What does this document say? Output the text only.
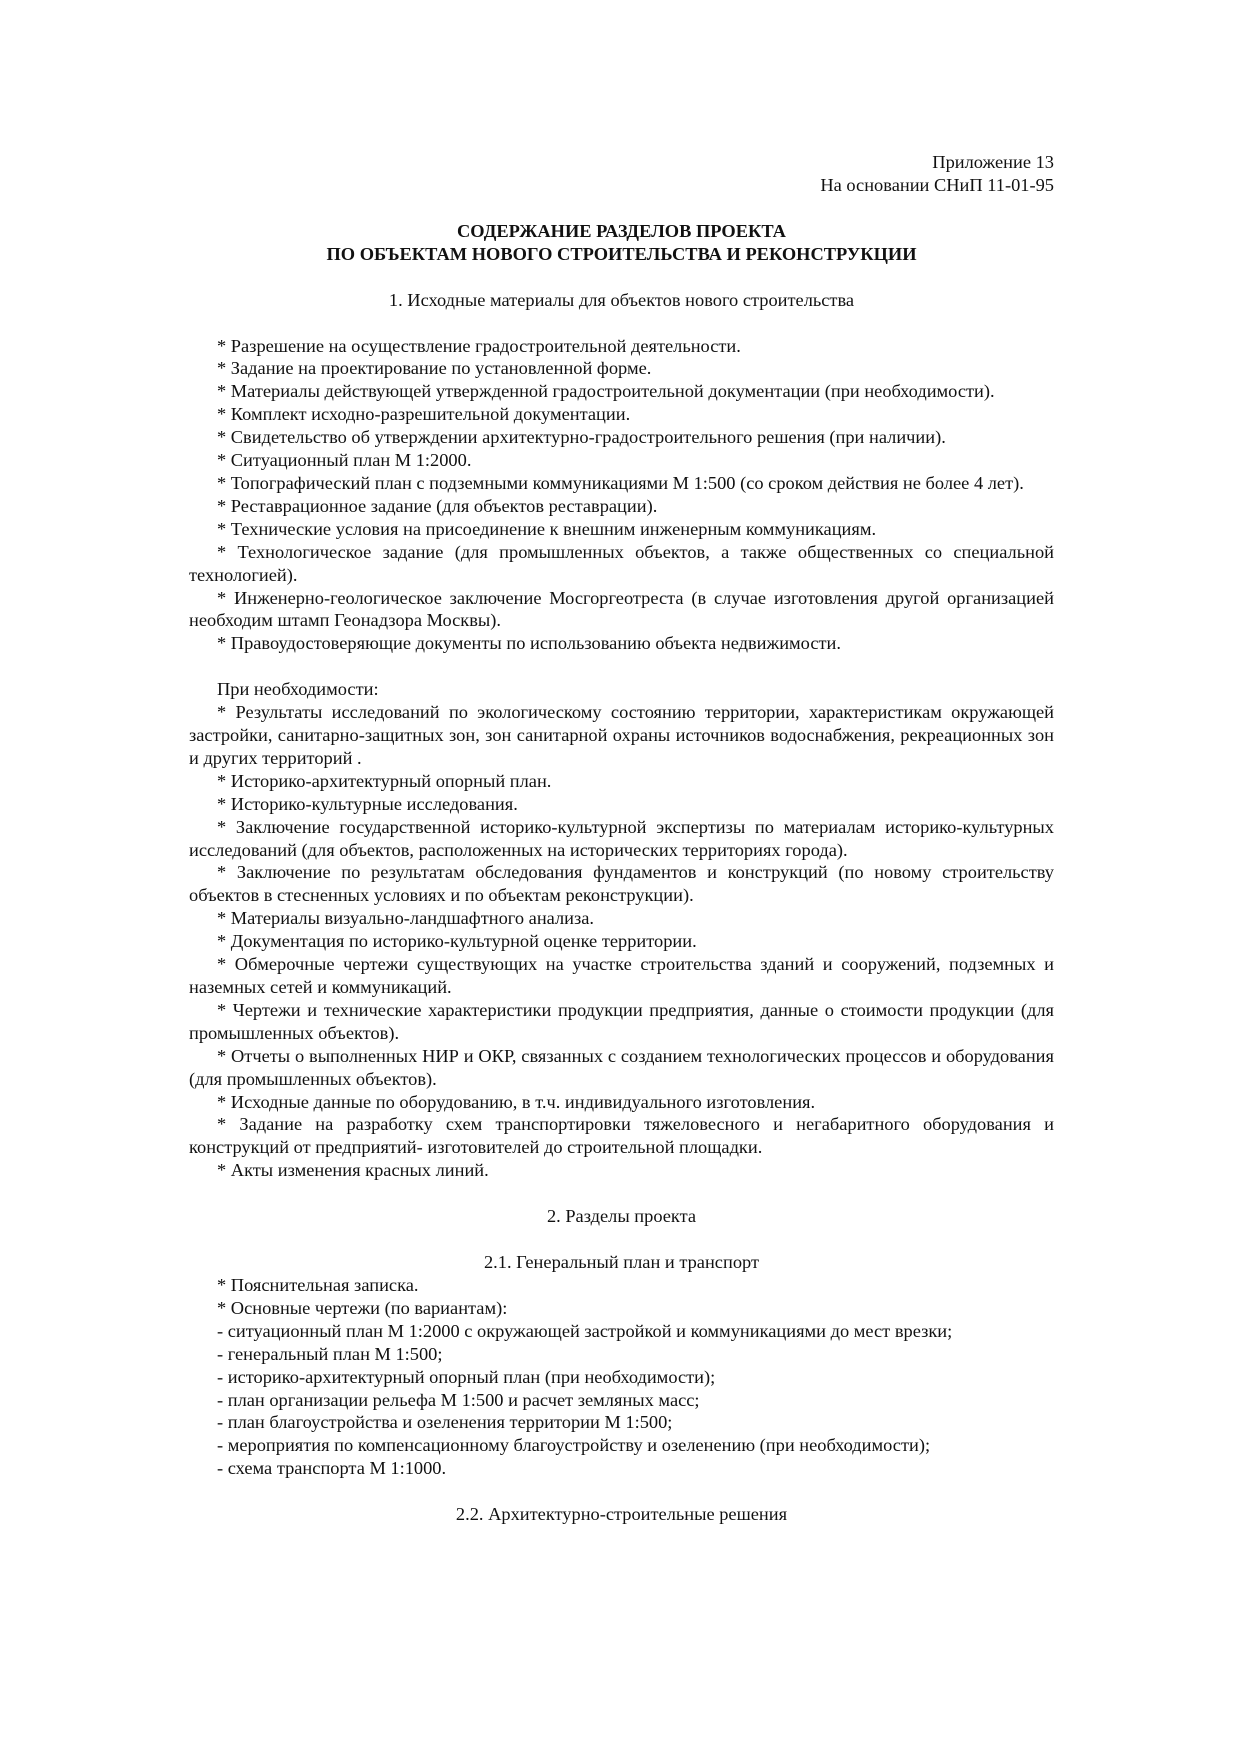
Приложение 13
На основании СНиП 11-01-95
СОДЕРЖАНИЕ РАЗДЕЛОВ ПРОЕКТА
ПО ОБЪЕКТАМ НОВОГО СТРОИТЕЛЬСТВА И РЕКОНСТРУКЦИИ
1. Исходные материалы для объектов нового строительства
* Разрешение на осуществление градостроительной деятельности.
* Задание на проектирование по установленной форме.
* Материалы действующей утвержденной градостроительной документации (при необходимости).
* Комплект исходно-разрешительной документации.
* Свидетельство об утверждении архитектурно-градостроительного решения (при наличии).
* Ситуационный план М 1:2000.
* Топографический план с подземными коммуникациями М 1:500 (со сроком действия не более 4 лет).
* Реставрационное задание (для объектов реставрации).
* Технические условия на присоединение к внешним инженерным коммуникациям.
* Технологическое задание (для промышленных объектов, а также общественных со специальной технологией).
* Инженерно-геологическое заключение Мосгоргеотреста (в случае изготовления другой организацией необходим штамп Геонадзора Москвы).
* Правоудостоверяющие документы по использованию объекта недвижимости.
При необходимости:
* Результаты исследований по экологическому состоянию территории, характеристикам окружающей застройки, санитарно-защитных зон, зон санитарной охраны источников водоснабжения, рекреационных зон и других территорий .
* Историко-архитектурный опорный план.
* Историко-культурные исследования.
* Заключение государственной историко-культурной экспертизы по материалам историко-культурных исследований (для объектов, расположенных на исторических территориях города).
* Заключение по результатам обследования фундаментов и конструкций (по новому строительству объектов в стесненных условиях и по объектам реконструкции).
* Материалы визуально-ландшафтного анализа.
* Документация по историко-культурной оценке территории.
* Обмерочные чертежи существующих на участке строительства зданий и сооружений, подземных и наземных сетей и коммуникаций.
* Чертежи и технические характеристики продукции предприятия, данные о стоимости продукции (для промышленных объектов).
* Отчеты о выполненных НИР и ОКР, связанных с созданием технологических процессов и оборудования (для промышленных объектов).
* Исходные данные по оборудованию, в т.ч. индивидуального изготовления.
* Задание на разработку схем транспортировки тяжеловесного и негабаритного оборудования и конструкций от предприятий- изготовителей до строительной площадки.
* Акты изменения красных линий.
2. Разделы проекта
2.1. Генеральный план и транспорт
* Пояснительная записка.
* Основные чертежи (по вариантам):
- ситуационный план М 1:2000 с окружающей застройкой и коммуникациями до мест врезки;
- генеральный план М 1:500;
- историко-архитектурный опорный план (при необходимости);
- план организации рельефа М 1:500 и расчет земляных масс;
- план благоустройства и озеленения территории М 1:500;
- мероприятия по компенсационному благоустройству и озеленению (при необходимости);
- схема транспорта М 1:1000.
2.2. Архитектурно-строительные решения
